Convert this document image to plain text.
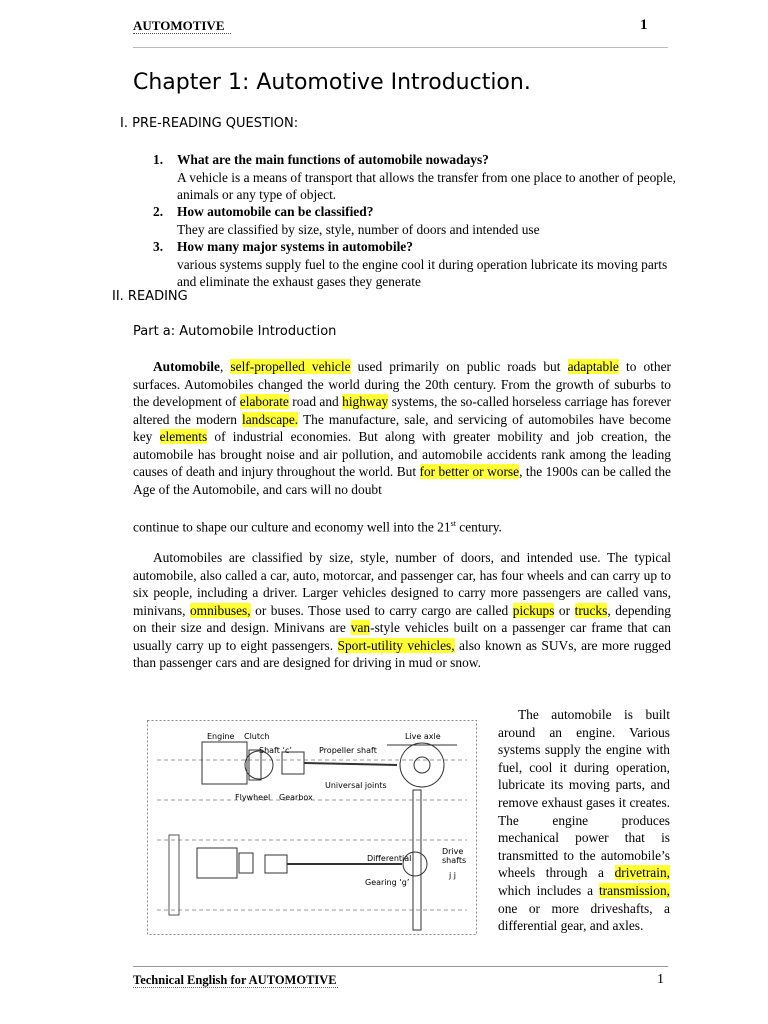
AUTOMOTIVE	1
Chapter 1: Automotive Introduction.
I. PRE-READING QUESTION:
1. What are the main functions of automobile nowadays?
A vehicle is a means of transport that allows the transfer from one place to another of people, animals or any type of object.
2. How automobile can be classified?
They are classified by size, style, number of doors and intended use
3. How many major systems in automobile?
various systems supply fuel to the engine cool it during operation lubricate its moving parts and eliminate the exhaust gases they generate
II. READING
Part a: Automobile Introduction
Automobile, self-propelled vehicle used primarily on public roads but adaptable to other surfaces. Automobiles changed the world during the 20th century. From the growth of suburbs to the development of elaborate road and highway systems, the so-called horseless carriage has forever altered the modern landscape. The manufacture, sale, and servicing of automobiles have become key elements of industrial economies. But along with greater mobility and job creation, the automobile has brought noise and air pollution, and automobile accidents rank among the leading causes of death and injury throughout the world. But for better or worse, the 1900s can be called the Age of the Automobile, and cars will no doubt
continue to shape our culture and economy well into the 21st century.
Automobiles are classified by size, style, number of doors, and intended use. The typical automobile, also called a car, auto, motorcar, and passenger car, has four wheels and can carry up to six people, including a driver. Larger vehicles designed to carry more passengers are called vans, minivans, omnibuses, or buses. Those used to carry cargo are called pickups or trucks, depending on their size and design. Minivans are van-style vehicles built on a passenger car frame that can usually carry up to eight passengers. Sport-utility vehicles, also known as SUVs, are more rugged than passenger cars and are designed for driving in mud or snow.
Engine Clutch
Shaft ‘c’	Propeller shaft
Live axle
Universal joints
Flywheel Gearbox
Differential
Drive
shafts
Gearing ‘g’
j j
The automobile is built around an engine. Various systems supply the engine with fuel, cool it during operation, lubricate its moving parts, and remove exhaust gases it creates. The engine produces mechanical power that is transmitted to the automobile’s wheels through a drivetrain, which includes a transmission, one or more driveshafts, a differential gear, and axles.
Technical English for AUTOMOTIVE	1
